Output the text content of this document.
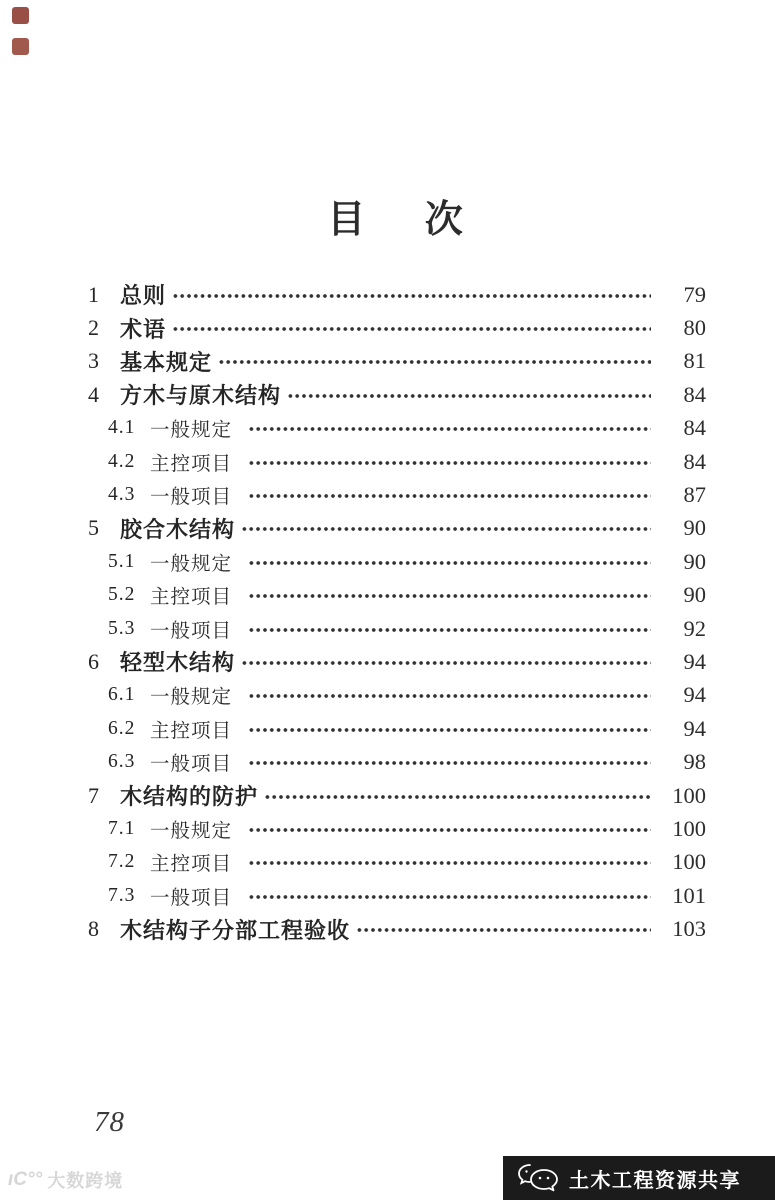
目 次
1 总则	79
2 术语	80
3 基本规定	81
4 方木与原木结构	84
4.1 一般规定	84
4.2 主控项目	84
4.3 一般项目	87
5 胶合木结构	90
5.1 一般规定	90
5.2 主控项目	90
5.3 一般项目	92
6 轻型木结构	94
6.1 一般规定	94
6.2 主控项目	94
6.3 一般项目	98
7 木结构的防护	100
7.1 一般规定	100
7.2 主控项目	100
7.3 一般项目	101
8 木结构子分部工程验收	103
78
ıC°° 大数跨境	土木工程资源共享
